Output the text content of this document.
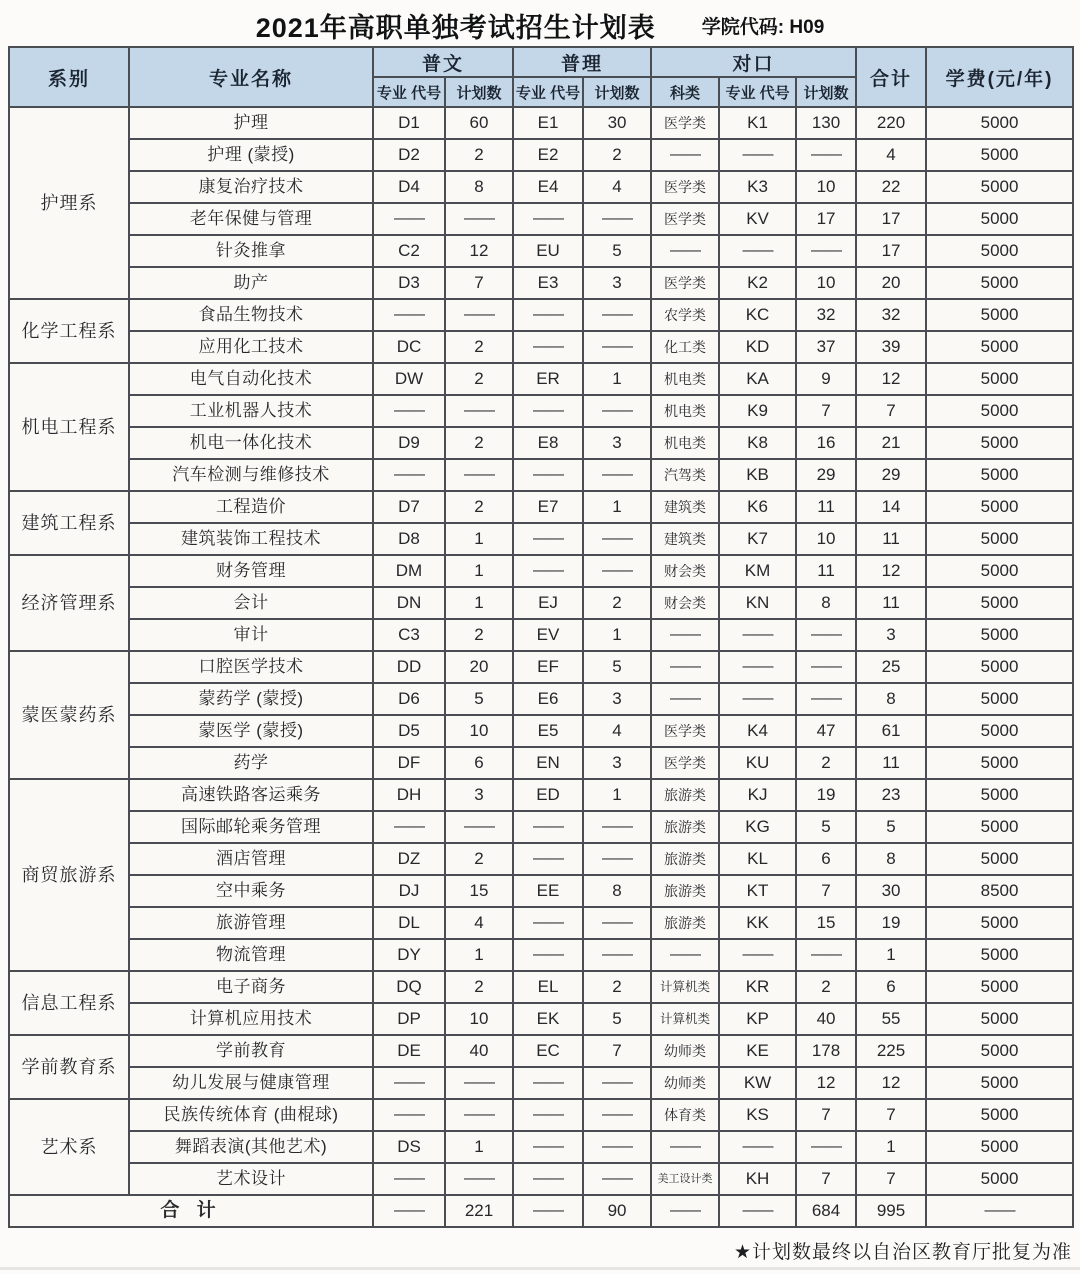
2021年高职单独考试招生计划表 学院代码: H09
系别	专业名称	普文		普理		对口			合计	学费(元/年)
		专业 代号	计划数	专业 代号	计划数	科类	专业 代号	计划数		
护理系	护理	D1	60	E1	30	医学类	K1	130	220	5000
	护理 (蒙授)	D2	2	E2	2	——	——	——	4	5000
	康复治疗技术	D4	8	E4	4	医学类	K3	10	22	5000
	老年保健与管理	——	——	——	——	医学类	KV	17	17	5000
	针灸推拿	C2	12	EU	5	——	——	——	17	5000
	助产	D3	7	E3	3	医学类	K2	10	20	5000
化学工程系	食品生物技术	——	——	——	——	农学类	KC	32	32	5000
	应用化工技术	DC	2	——	——	化工类	KD	37	39	5000
机电工程系	电气自动化技术	DW	2	ER	1	机电类	KA	9	12	5000
	工业机器人技术	——	——	——	——	机电类	K9	7	7	5000
	机电一体化技术	D9	2	E8	3	机电类	K8	16	21	5000
	汽车检测与维修技术	——	——	——	——	汽驾类	KB	29	29	5000
建筑工程系	工程造价	D7	2	E7	1	建筑类	K6	11	14	5000
	建筑装饰工程技术	D8	1	——	——	建筑类	K7	10	11	5000
经济管理系	财务管理	DM	1	——	——	财会类	KM	11	12	5000
	会计	DN	1	EJ	2	财会类	KN	8	11	5000
	审计	C3	2	EV	1	——	——	——	3	5000
蒙医蒙药系	口腔医学技术	DD	20	EF	5	——	——	——	25	5000
	蒙药学 (蒙授)	D6	5	E6	3	——	——	——	8	5000
	蒙医学 (蒙授)	D5	10	E5	4	医学类	K4	47	61	5000
	药学	DF	6	EN	3	医学类	KU	2	11	5000
商贸旅游系	高速铁路客运乘务	DH	3	ED	1	旅游类	KJ	19	23	5000
	国际邮轮乘务管理	——	——	——	——	旅游类	KG	5	5	5000
	酒店管理	DZ	2	——	——	旅游类	KL	6	8	5000
	空中乘务	DJ	15	EE	8	旅游类	KT	7	30	8500
	旅游管理	DL	4	——	——	旅游类	KK	15	19	5000
	物流管理	DY	1	——	——	——	——	——	1	5000
信息工程系	电子商务	DQ	2	EL	2	计算机类	KR	2	6	5000
	计算机应用技术	DP	10	EK	5	计算机类	KP	40	55	5000
学前教育系	学前教育	DE	40	EC	7	幼师类	KE	178	225	5000
	幼儿发展与健康管理	——	——	——	——	幼师类	KW	12	12	5000
艺术系	民族传统体育 (曲棍球)	——	——	——	——	体育类	KS	7	7	5000
	舞蹈表演(其他艺术)	DS	1	——	——	——	——	——	1	5000
	艺术设计	——	——	——	——	美工设计类	KH	7	7	5000
合 计		——	221	——	90	——	——	684	995	——
★计划数最终以自治区教育厅批复为准
